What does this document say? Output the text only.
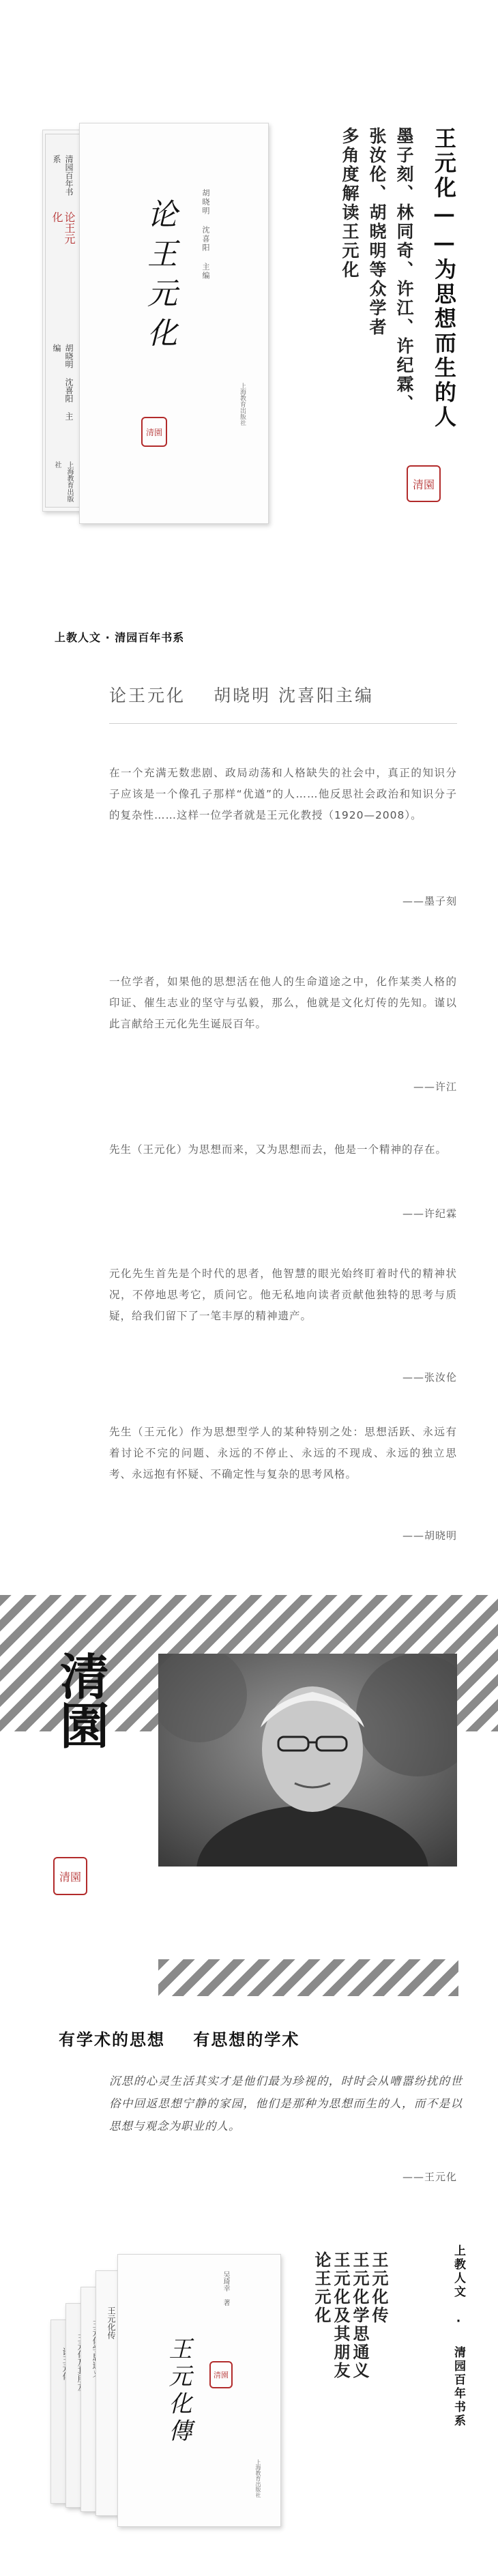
清园百年书系
论王元化
胡晓明 沈喜阳 主编
上海教育出版社
胡晓明 沈喜阳 主编
论王元化
清園
上海教育出版社	王元化——为思想而生的人
墨子刻、林同奇、许江、许纪霖、
张汝伦、胡晓明等众学者
多角度解读王元化
清園
上教人文 · 清园百年书系
论王元化 胡晓明 沈喜阳主编
在一个充满无数悲剧、政局动荡和人格缺失的社会中，真正的知识分子应该是一个像孔子那样“优遒”的人……他反思社会政治和知识分子的复杂性……这样一位学者就是王元化教授（1920—2008）。
——墨子刻
一位学者，如果他的思想活在他人的生命道途之中，化作某类人格的印证、催生志业的坚守与弘毅，那么，他就是文化灯传的先知。谨以此言献给王元化先生诞辰百年。
——许江
先生（王元化）为思想而来，又为思想而去，他是一个精神的存在。
——许纪霖
元化先生首先是个时代的思者，他智慧的眼光始终盯着时代的精神状况，不停地思考它，质问它。他无私地向读者贡献他独特的思考与质疑，给我们留下了一笔丰厚的精神遗产。
——张汝伦
先生（王元化）作为思想型学人的某种特别之处：思想活跃、永远有着讨论不完的问题、永远的不停止、永远的不现成、永远的独立思考、永远抱有怀疑、不确定性与复杂的思考风格。
——胡晓明
清園
清園
有学术的思想    有思想的学术
沉思的心灵生活其实才是他们最为珍视的，时时会从嘈嚣纷扰的世俗中回返思想宁静的家园，他们是那种为思想而生的人，而不是以思想与观念为职业的人。
——王元化
王元化传
王元化傳
吴琦幸 著
清園
上海教育出版社
王元化传
王元化学思通义
王元化及其朋友
论王元化	上教人文 · 清园百年书系
